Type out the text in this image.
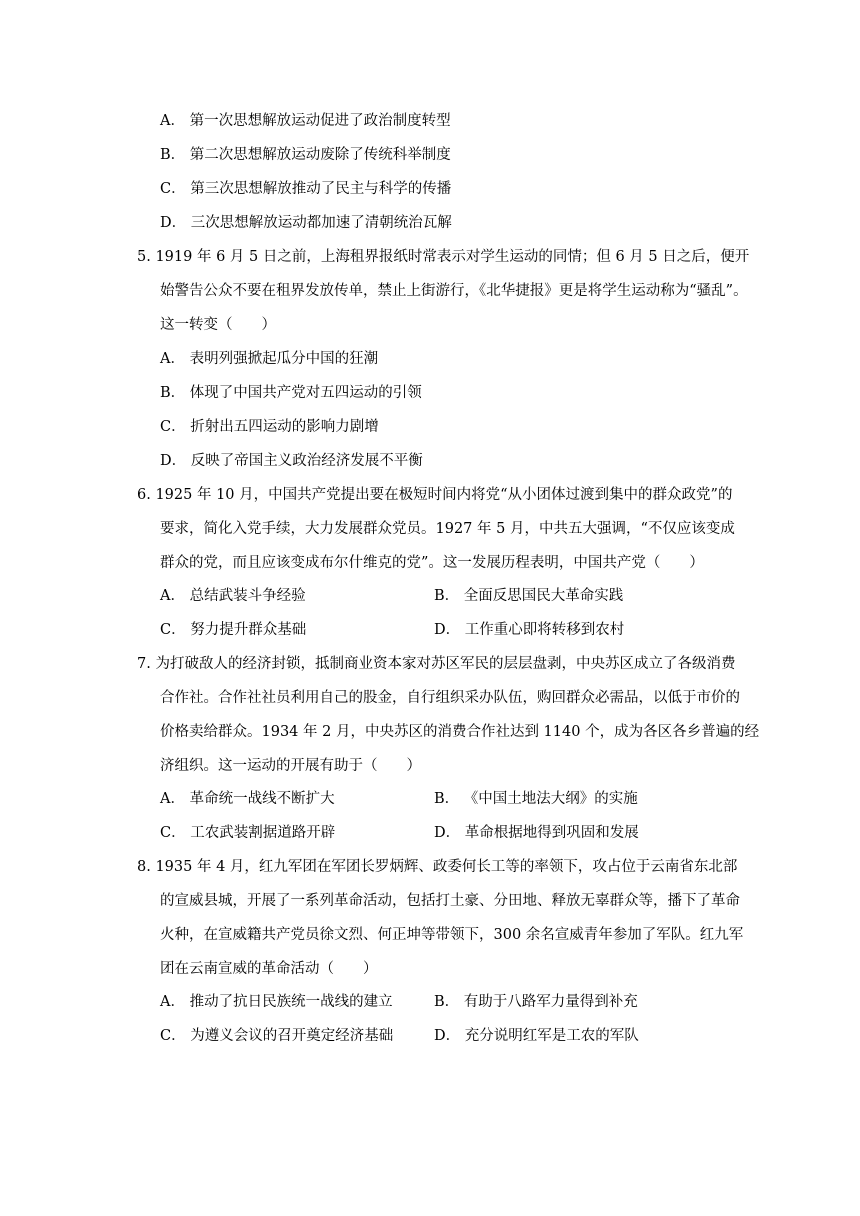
A． 第一次思想解放运动促进了政治制度转型
B． 第二次思想解放运动废除了传统科举制度
C． 第三次思想解放推动了民主与科学的传播
D． 三次思想解放运动都加速了清朝统治瓦解
5. 1919 年 6 月 5 日之前，上海租界报纸时常表示对学生运动的同情；但 6 月 5 日之后，便开
始警告公众不要在租界发放传单，禁止上街游行，《北华捷报》更是将学生运动称为“骚乱”。
这一转变（　　）
A． 表明列强掀起瓜分中国的狂潮
B． 体现了中国共产党对五四运动的引领
C． 折射出五四运动的影响力剧增
D． 反映了帝国主义政治经济发展不平衡
6. 1925 年 10 月，中国共产党提出要在极短时间内将党“从小团体过渡到集中的群众政党”的
要求，简化入党手续，大力发展群众党员。1927 年 5 月，中共五大强调，“不仅应该变成
群众的党，而且应该变成布尔什维克的党”。这一发展历程表明，中国共产党（　　）
A． 总结武装斗争经验	B． 全面反思国民大革命实践
C． 努力提升群众基础	D． 工作重心即将转移到农村
7. 为打破敌人的经济封锁，抵制商业资本家对苏区军民的层层盘剥，中央苏区成立了各级消费
合作社。合作社社员利用自己的股金，自行组织采办队伍，购回群众必需品，以低于市价的
价格卖给群众。1934 年 2 月，中央苏区的消费合作社达到 1140 个，成为各区各乡普遍的经
济组织。这一运动的开展有助于（　　）
A． 革命统一战线不断扩大	B． 《中国土地法大纲》的实施
C． 工农武装割据道路开辟	D． 革命根据地得到巩固和发展
8. 1935 年 4 月，红九军团在军团长罗炳辉、政委何长工等的率领下，攻占位于云南省东北部
的宣威县城，开展了一系列革命活动，包括打土豪、分田地、释放无辜群众等，播下了革命
火种，在宣威籍共产党员徐文烈、何正坤等带领下，300 余名宣威青年参加了军队。红九军
团在云南宣威的革命活动（　　）
A． 推动了抗日民族统一战线的建立	B． 有助于八路军力量得到补充
C． 为遵义会议的召开奠定经济基础	D． 充分说明红军是工农的军队
